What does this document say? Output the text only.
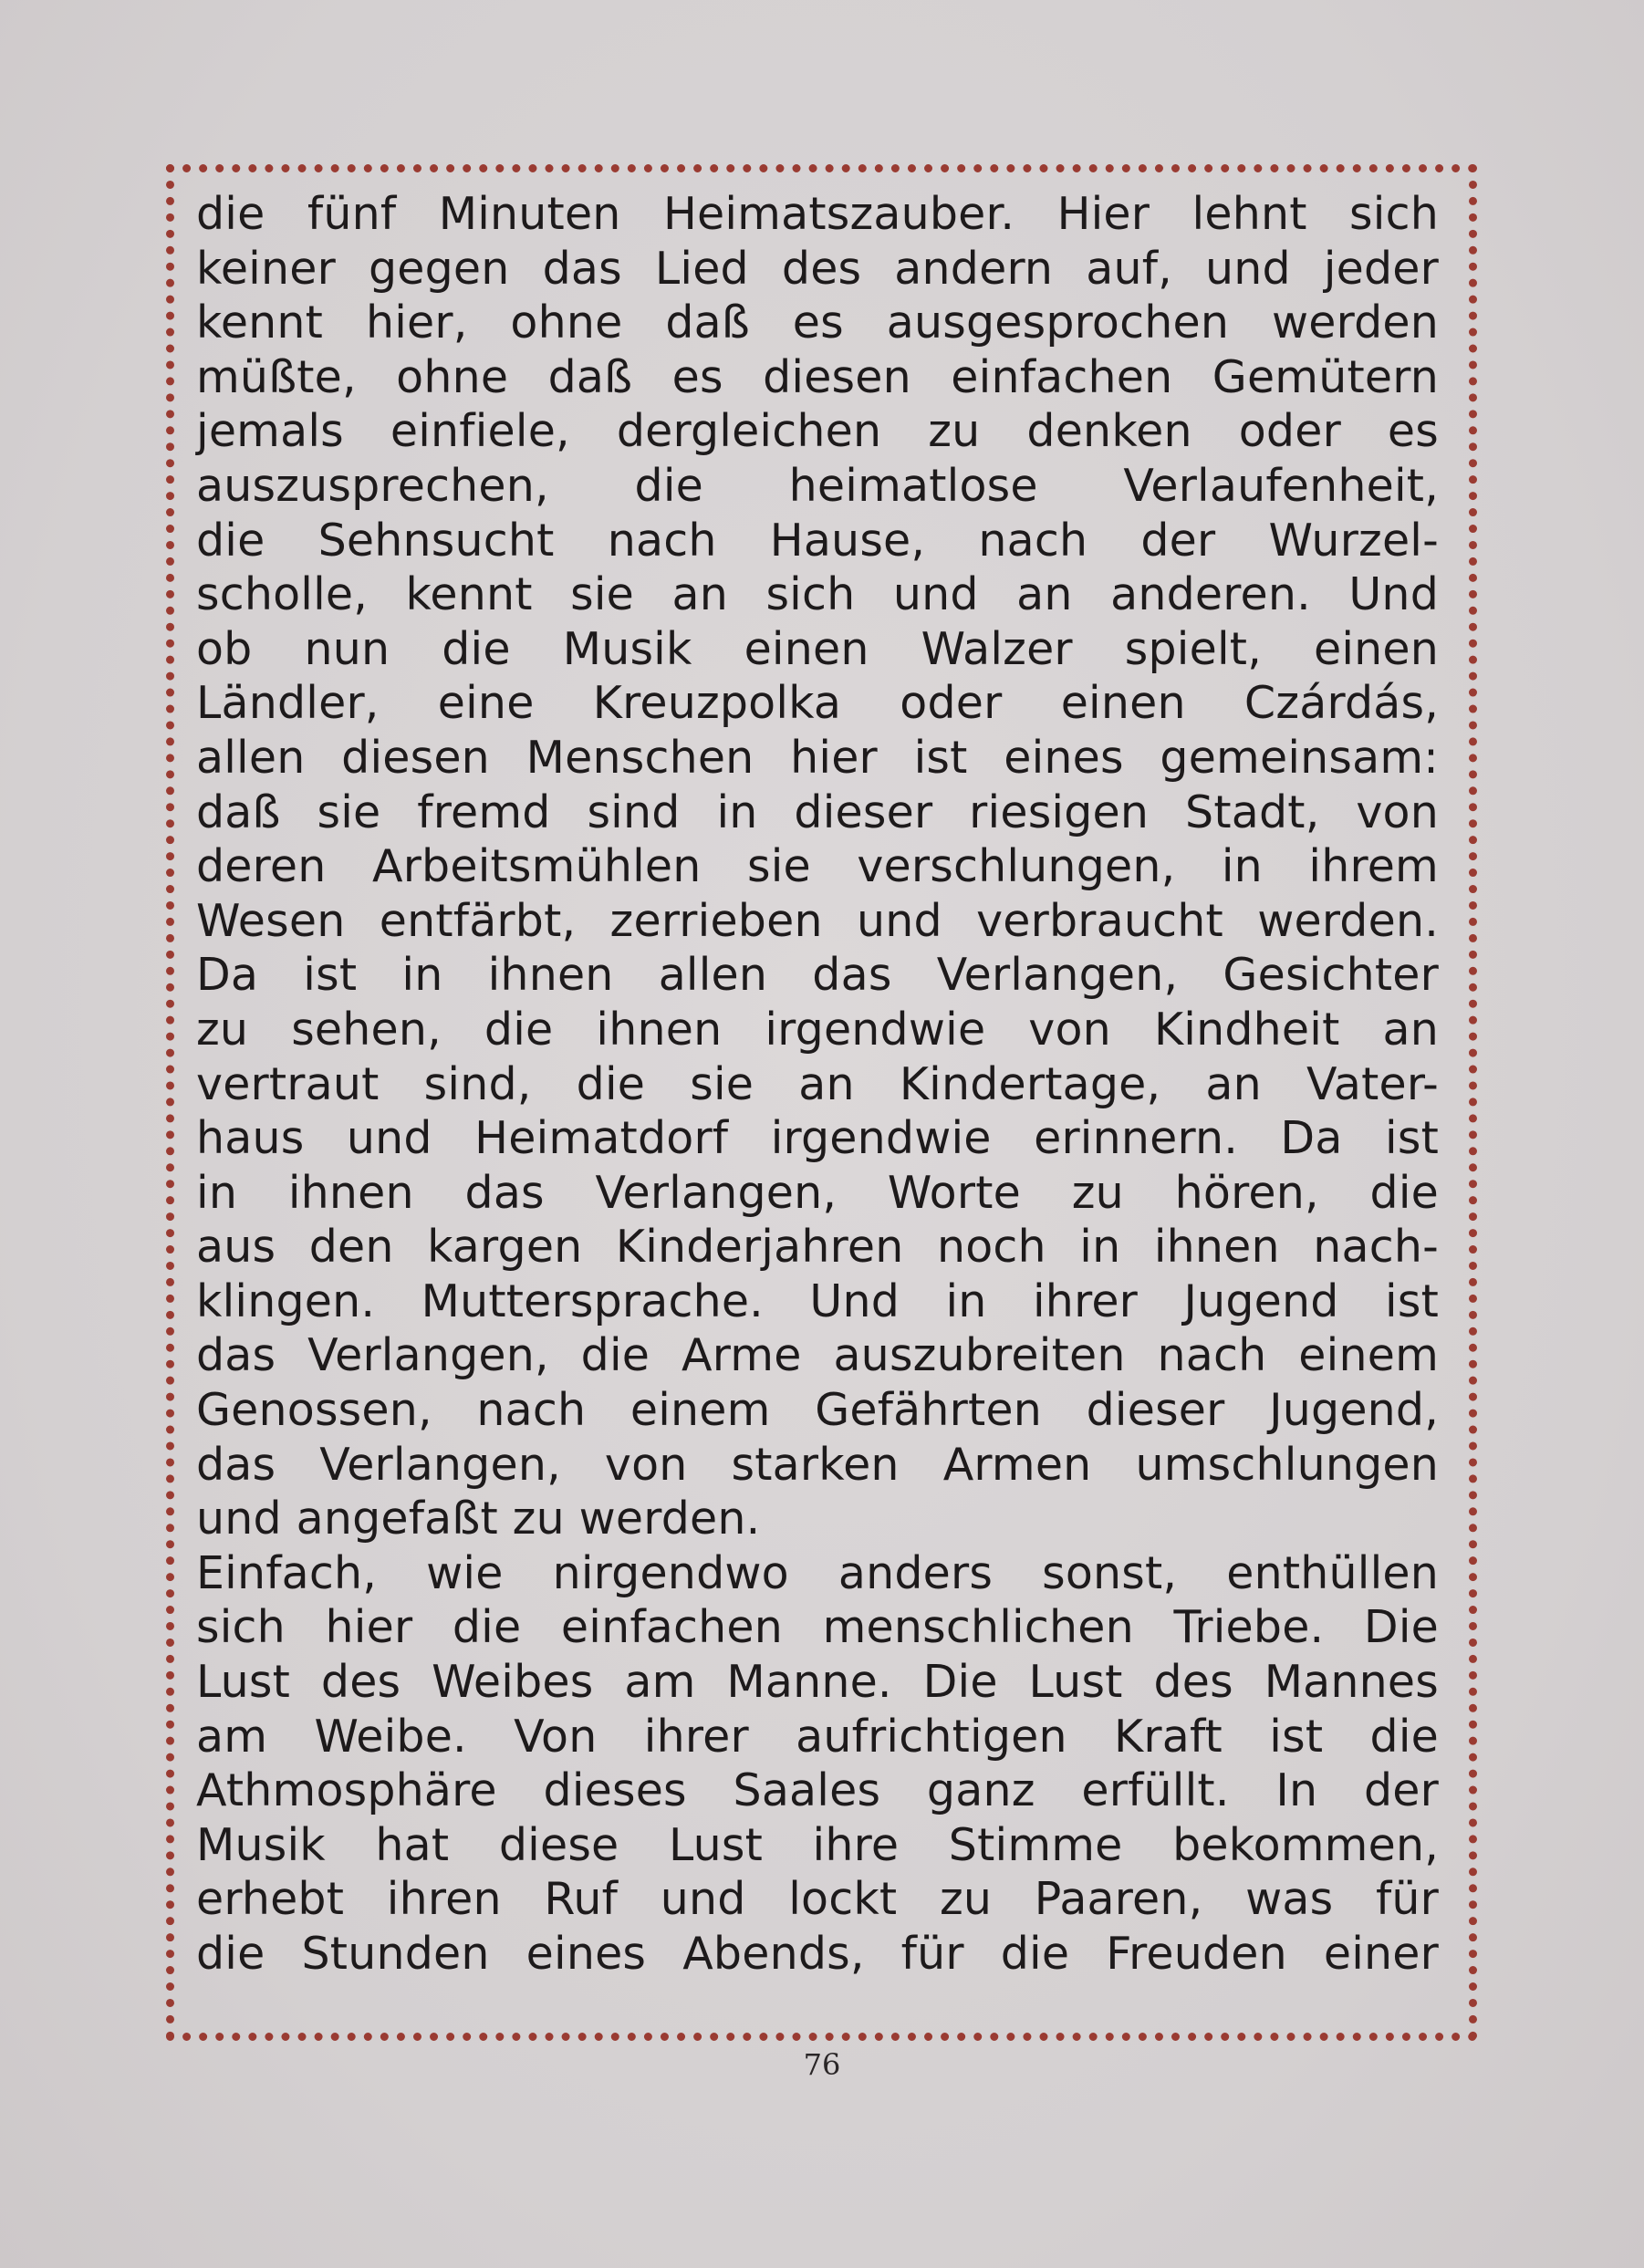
die fünf Minuten Heimatszauber. Hier lehnt sich
keiner gegen das Lied des andern auf, und jeder
kennt hier, ohne daß es ausgesprochen werden
müßte, ohne daß es diesen einfachen Gemütern
jemals einfiele, dergleichen zu denken oder es
auszusprechen, die heimatlose Verlaufenheit,
die Sehnsucht nach Hause, nach der Wurzel-
scholle, kennt sie an sich und an anderen. Und
ob nun die Musik einen Walzer spielt, einen
Ländler, eine Kreuzpolka oder einen Czárdás,
allen diesen Menschen hier ist eines gemeinsam:
daß sie fremd sind in dieser riesigen Stadt, von
deren Arbeitsmühlen sie verschlungen, in ihrem
Wesen entfärbt, zerrieben und verbraucht werden.
Da ist in ihnen allen das Verlangen, Gesichter
zu sehen, die ihnen irgendwie von Kindheit an
vertraut sind, die sie an Kindertage, an Vater-
haus und Heimatdorf irgendwie erinnern. Da ist
in ihnen das Verlangen, Worte zu hören, die
aus den kargen Kinderjahren noch in ihnen nach-
klingen. Muttersprache. Und in ihrer Jugend ist
das Verlangen, die Arme auszubreiten nach einem
Genossen, nach einem Gefährten dieser Jugend,
das Verlangen, von starken Armen umschlungen
und angefaßt zu werden.
Einfach, wie nirgendwo anders sonst, enthüllen
sich hier die einfachen menschlichen Triebe. Die
Lust des Weibes am Manne. Die Lust des Mannes
am Weibe. Von ihrer aufrichtigen Kraft ist die
Athmosphäre dieses Saales ganz erfüllt. In der
Musik hat diese Lust ihre Stimme bekommen,
erhebt ihren Ruf und lockt zu Paaren, was für
die Stunden eines Abends, für die Freuden einer
76
